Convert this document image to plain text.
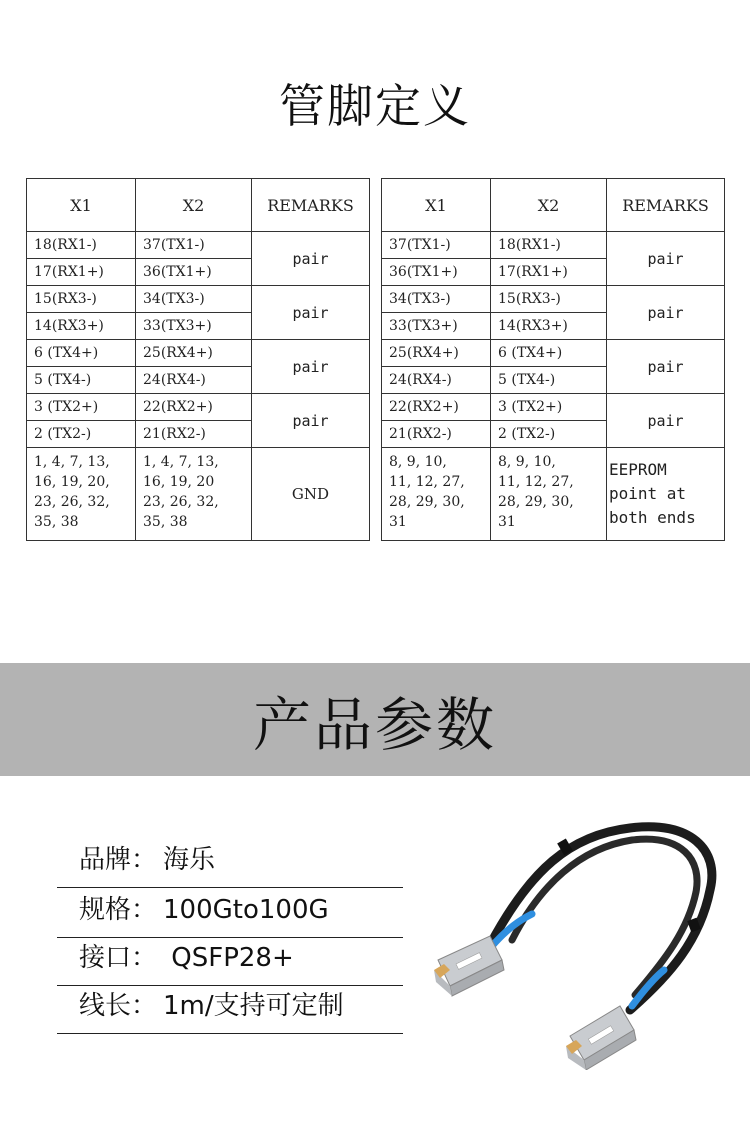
管脚定义
X1	X2	REMARKS
18(RX1-)	37(TX1-)	pair
17(RX1+)	36(TX1+)	
15(RX3-)	34(TX3-)	pair
14(RX3+)	33(TX3+)	
6 (TX4+)	25(RX4+)	pair
5 (TX4-)	24(RX4-)	
3 (TX2+)	22(RX2+)	pair
2 (TX2-)	21(RX2-)	
1, 4, 7, 13,
16, 19, 20,
23, 26, 32,
35, 38	1, 4, 7, 13,
16, 19, 20
23, 26, 32,
35, 38	GND
X1	X2	REMARKS
37(TX1-)	18(RX1-)	pair
36(TX1+)	17(RX1+)	
34(TX3-)	15(RX3-)	pair
33(TX3+)	14(RX3+)	
25(RX4+)	6 (TX4+)	pair
24(RX4-)	5 (TX4-)	
22(RX2+)	3 (TX2+)	pair
21(RX2-)	2 (TX2-)	
8, 9, 10,
11, 12, 27,
28, 29, 30,
31	8, 9, 10,
11, 12, 27,
28, 29, 30,
31	EEPROM
point at
both ends
产品参数
品牌： 海乐
规格： 100Gto100G
接口： QSFP28+
线长： 1m/支持可定制
